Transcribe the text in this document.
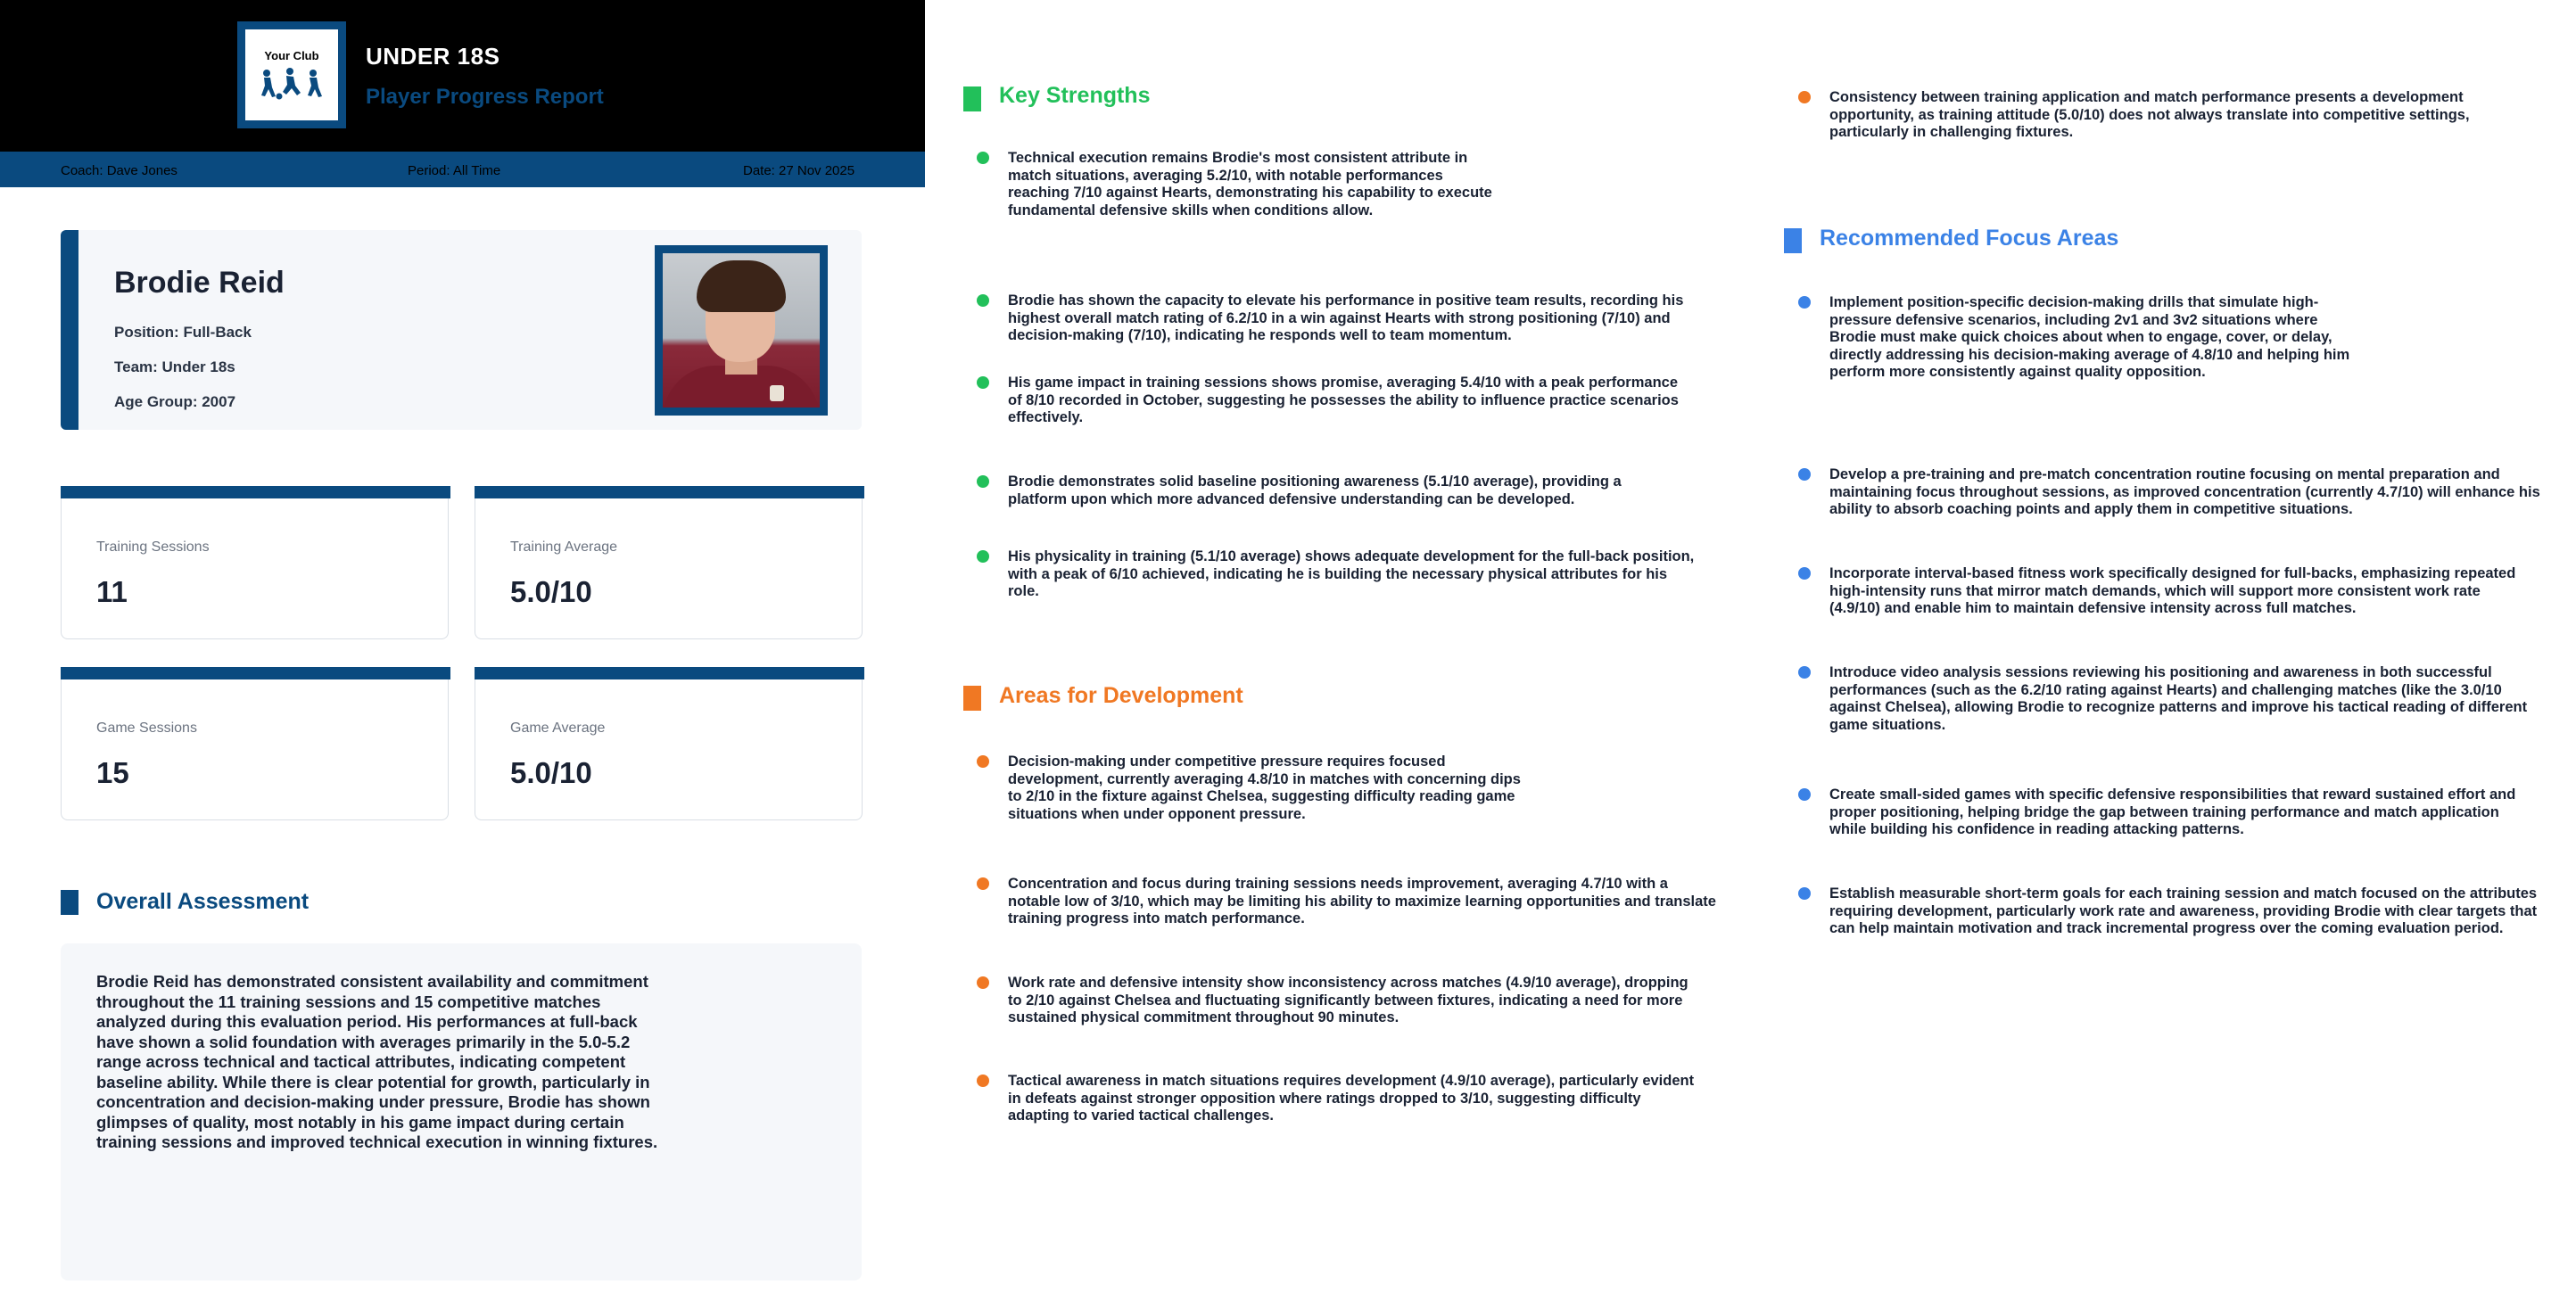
Your Club UNDER 18S
Player Progress Report
Coach: Dave Jones	Period: All Time	Date: 27 Nov 2025
Brodie Reid
Position: Full-Back
Team: Under 18s
Age Group: 2007
Training Sessions
11
Training Average
5.0/10
Game Sessions
15
Game Average
5.0/10
Overall Assessment
Brodie Reid has demonstrated consistent availability and commitment throughout the 11 training sessions and 15 competitive matches analyzed during this evaluation period. His performances at full-back have shown a solid foundation with averages primarily in the 5.0-5.2 range across technical and tactical attributes, indicating competent baseline ability. While there is clear potential for growth, particularly in concentration and decision-making under pressure, Brodie has shown glimpses of quality, most notably in his game impact during certain training sessions and improved technical execution in winning fixtures.
Key Strengths
Technical execution remains Brodie's most consistent attribute in match situations, averaging 5.2/10, with notable performances reaching 7/10 against Hearts, demonstrating his capability to execute fundamental defensive skills when conditions allow.
Brodie has shown the capacity to elevate his performance in positive team results, recording his highest overall match rating of 6.2/10 in a win against Hearts with strong positioning (7/10) and decision-making (7/10), indicating he responds well to team momentum.
His game impact in training sessions shows promise, averaging 5.4/10 with a peak performance of 8/10 recorded in October, suggesting he possesses the ability to influence practice scenarios effectively.
Brodie demonstrates solid baseline positioning awareness (5.1/10 average), providing a platform upon which more advanced defensive understanding can be developed.
His physicality in training (5.1/10 average) shows adequate development for the full-back position, with a peak of 6/10 achieved, indicating he is building the necessary physical attributes for his role.
Areas for Development
Decision-making under competitive pressure requires focused development, currently averaging 4.8/10 in matches with concerning dips to 2/10 in the fixture against Chelsea, suggesting difficulty reading game situations when under opponent pressure.
Concentration and focus during training sessions needs improvement, averaging 4.7/10 with a notable low of 3/10, which may be limiting his ability to maximize learning opportunities and translate training progress into match performance.
Work rate and defensive intensity show inconsistency across matches (4.9/10 average), dropping to 2/10 against Chelsea and fluctuating significantly between fixtures, indicating a need for more sustained physical commitment throughout 90 minutes.
Tactical awareness in match situations requires development (4.9/10 average), particularly evident in defeats against stronger opposition where ratings dropped to 3/10, suggesting difficulty adapting to varied tactical challenges.
Consistency between training application and match performance presents a development opportunity, as training attitude (5.0/10) does not always translate into competitive settings, particularly in challenging fixtures.
Recommended Focus Areas
Implement position-specific decision-making drills that simulate high-pressure defensive scenarios, including 2v1 and 3v2 situations where Brodie must make quick choices about when to engage, cover, or delay, directly addressing his decision-making average of 4.8/10 and helping him perform more consistently against quality opposition.
Develop a pre-training and pre-match concentration routine focusing on mental preparation and maintaining focus throughout sessions, as improved concentration (currently 4.7/10) will enhance his ability to absorb coaching points and apply them in competitive situations.
Incorporate interval-based fitness work specifically designed for full-backs, emphasizing repeated high-intensity runs that mirror match demands, which will support more consistent work rate (4.9/10) and enable him to maintain defensive intensity across full matches.
Introduce video analysis sessions reviewing his positioning and awareness in both successful performances (such as the 6.2/10 rating against Hearts) and challenging matches (like the 3.0/10 against Chelsea), allowing Brodie to recognize patterns and improve his tactical reading of different game situations.
Create small-sided games with specific defensive responsibilities that reward sustained effort and proper positioning, helping bridge the gap between training performance and match application while building his confidence in reading attacking patterns.
Establish measurable short-term goals for each training session and match focused on the attributes requiring development, particularly work rate and awareness, providing Brodie with clear targets that can help maintain motivation and track incremental progress over the coming evaluation period.
